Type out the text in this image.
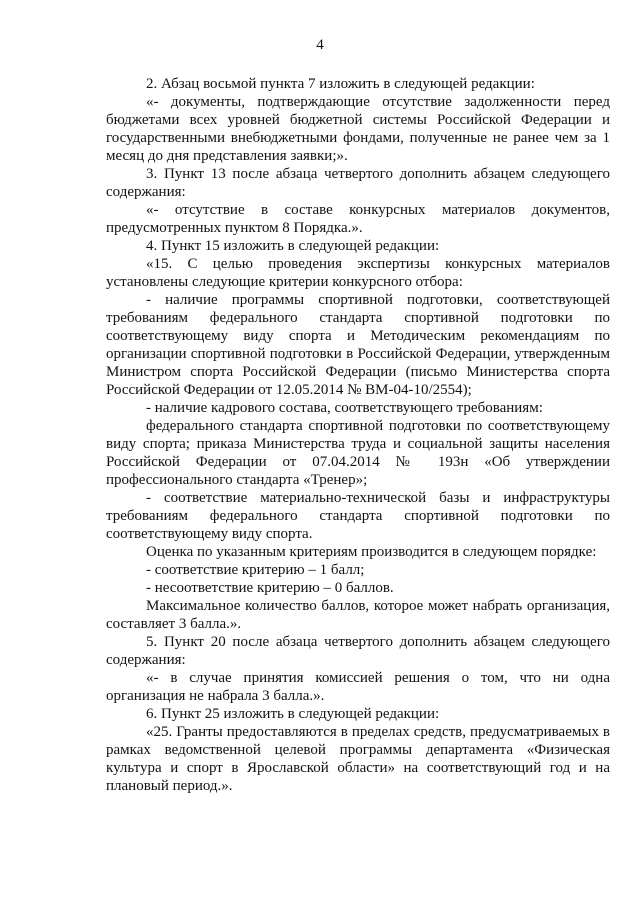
4

2. Абзац восьмой пункта 7 изложить в следующей редакции:

«- документы, подтверждающие отсутствие задолженности перед бюджетами всех уровней бюджетной системы Российской Федерации и государственными внебюджетными фондами, полученные не ранее чем за 1 месяц до дня представления заявки;».

3. Пункт 13 после абзаца четвертого дополнить абзацем следующего содержания:

«- отсутствие в составе конкурсных материалов документов, предусмотренных пунктом 8 Порядка.».

4. Пункт 15 изложить в следующей редакции:

«15. С целью проведения экспертизы конкурсных материалов установлены следующие критерии конкурсного отбора:

- наличие программы спортивной подготовки, соответствующей требованиям федерального стандарта спортивной подготовки по соответствующему виду спорта и Методическим рекомендациям по организации спортивной подготовки в Российской Федерации, утвержденным Министром спорта Российской Федерации (письмо Министерства спорта Российской Федерации от 12.05.2014 № ВМ-04-10/2554);

- наличие кадрового состава, соответствующего требованиям:

федерального стандарта спортивной подготовки по соответствующему виду спорта; приказа Министерства труда и социальной защиты населения Российской Федерации от 07.04.2014 № 193н «Об утверждении профессионального стандарта «Тренер»;

- соответствие материально-технической базы и инфраструктуры требованиям федерального стандарта спортивной подготовки по соответствующему виду спорта.

Оценка по указанным критериям производится в следующем порядке:

- соответствие критерию – 1 балл;

- несоответствие критерию – 0 баллов.

Максимальное количество баллов, которое может набрать организация, составляет 3 балла.».

5. Пункт 20 после абзаца четвертого дополнить абзацем следующего содержания:

«- в случае принятия комиссией решения о том, что ни одна организация не набрала 3 балла.».

6. Пункт 25 изложить в следующей редакции:

«25. Гранты предоставляются в пределах средств, предусматриваемых в рамках ведомственной целевой программы департамента «Физическая культура и спорт в Ярославской области» на соответствующий год и на плановый период.».
